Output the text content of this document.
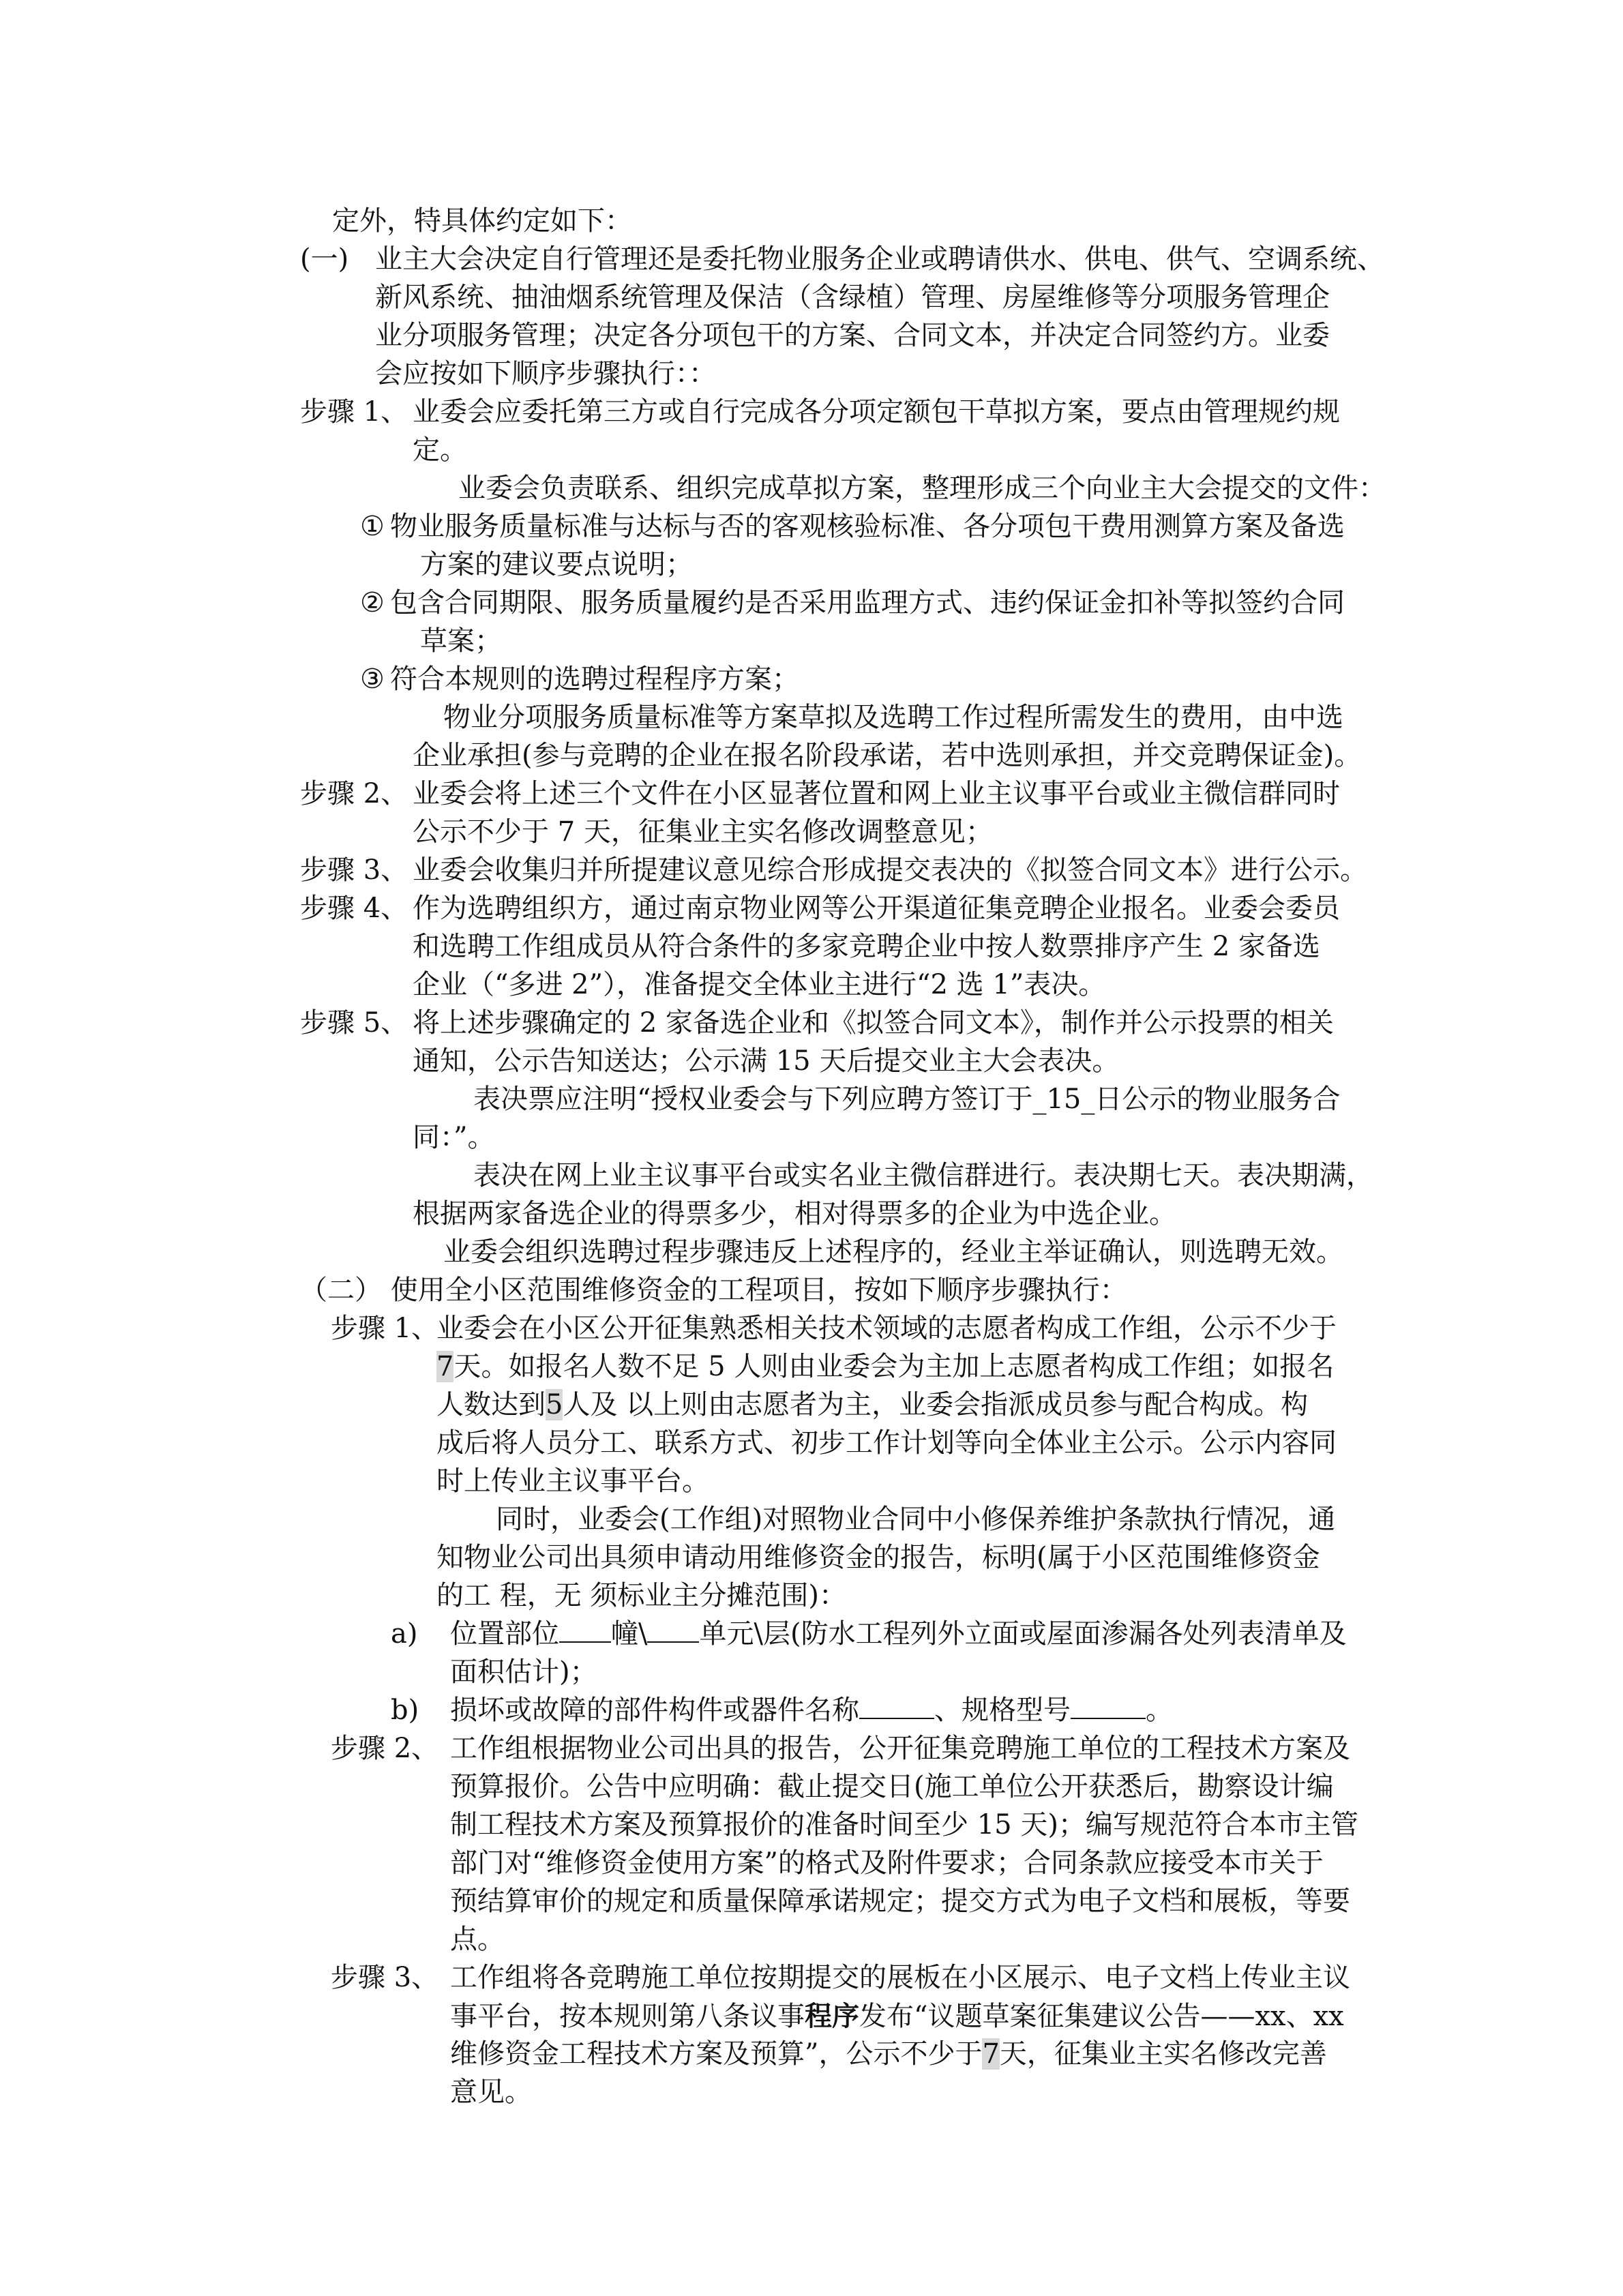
定外，特具体约定如下：
(一) 业主大会决定自行管理还是委托物业服务企业或聘请供水、供电、供气、空调系统、
新风系统、抽油烟系统管理及保洁（含绿植）管理、房屋维修等分项服务管理企
业分项服务管理；决定各分项包干的方案、合同文本，并决定合同签约方。业委
会应按如下顺序步骤执行：：
步骤 1、 业委会应委托第三方或自行完成各分项定额包干草拟方案，要点由管理规约规
定。
业委会负责联系、组织完成草拟方案，整理形成三个向业主大会提交的文件：
① 物业服务质量标准与达标与否的客观核验标准、各分项包干费用测算方案及备选
方案的建议要点说明；
② 包含合同期限、服务质量履约是否采用监理方式、违约保证金扣补等拟签约合同
草案；
③ 符合本规则的选聘过程程序方案；
物业分项服务质量标准等方案草拟及选聘工作过程所需发生的费用，由中选
企业承担(参与竞聘的企业在报名阶段承诺，若中选则承担，并交竞聘保证金)。
步骤 2、 业委会将上述三个文件在小区显著位置和网上业主议事平台或业主微信群同时
公示不少于 7 天，征集业主实名修改调整意见；
步骤 3、 业委会收集归并所提建议意见综合形成提交表决的《拟签合同文本》进行公示。
步骤 4、 作为选聘组织方，通过南京物业网等公开渠道征集竞聘企业报名。业委会委员
和选聘工作组成员从符合条件的多家竞聘企业中按人数票排序产生 2 家备选
企业（“多进 2”），准备提交全体业主进行“2 选 1”表决。
步骤 5、 将上述步骤确定的 2 家备选企业和《拟签合同文本》，制作并公示投票的相关
通知，公示告知送达；公示满 15 天后提交业主大会表决。
表决票应注明“授权业委会与下列应聘方签订于_15_日公示的物业服务合
同：”。
表决在网上业主议事平台或实名业主微信群进行。表决期七天。表决期满，
根据两家备选企业的得票多少，相对得票多的企业为中选企业。
业委会组织选聘过程步骤违反上述程序的，经业主举证确认，则选聘无效。
（二） 使用全小区范围维修资金的工程项目，按如下顺序步骤执行：
步骤 1、
业委会在小区公开征集熟悉相关技术领域的志愿者构成工作组，公示不少于
7天。如报名人数不足 5 人则由业委会为主加上志愿者构成工作组；如报名
人数达到5人及 以上则由志愿者为主，业委会指派成员参与配合构成。构
成后将人员分工、联系方式、初步工作计划等向全体业主公示。公示内容同
时上传业主议事平台。
同时，业委会(工作组)对照物业合同中小修保养维护条款执行情况，通
知物业公司出具须申请动用维修资金的报告，标明(属于小区范围维修资金
的工 程，无 须标业主分摊范围)：
a) 位置部位 幢\ 单元\层(防水工程列外立面或屋面渗漏各处列表清单及
面积估计)；
b) 损坏或故障的部件构件或器件名称	、规格型号	。
步骤 2、 工作组根据物业公司出具的报告，公开征集竞聘施工单位的工程技术方案及
预算报价。公告中应明确：截止提交日(施工单位公开获悉后，勘察设计编
制工程技术方案及预算报价的准备时间至少 15 天)；编写规范符合本市主管
部门对“维修资金使用方案”的格式及附件要求；合同条款应接受本市关于
预结算审价的规定和质量保障承诺规定；提交方式为电子文档和展板，等要
点。
步骤 3、 工作组将各竞聘施工单位按期提交的展板在小区展示、电子文档上传业主议
事平台，按本规则第八条议事程序发布“议题草案征集建议公告——xx、xx
维修资金工程技术方案及预算”，公示不少于7天，征集业主实名修改完善
意见。
